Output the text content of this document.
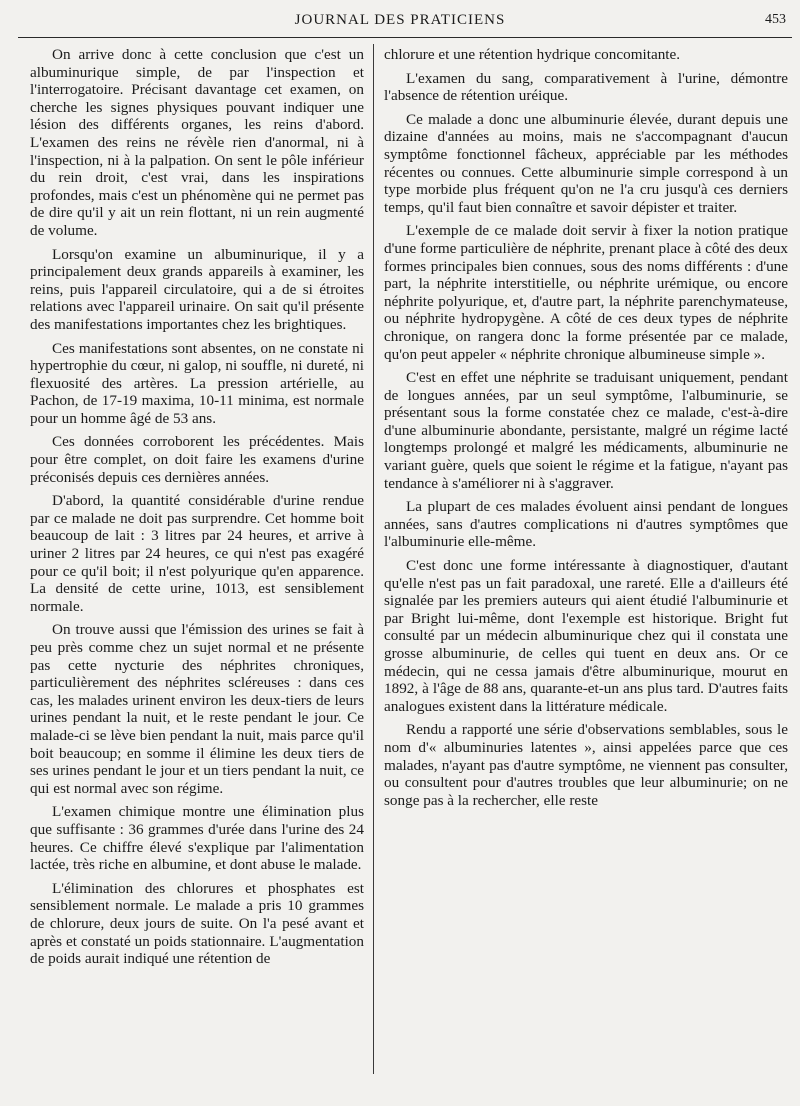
JOURNAL DES PRATICIENS	453

On arrive donc à cette conclusion que c'est un albuminurique simple, de par l'inspection et l'interrogatoire. Précisant davantage cet examen, on cherche les signes physiques pouvant indiquer une lésion des différents organes, les reins d'abord. L'examen des reins ne révèle rien d'anormal, ni à l'inspection, ni à la palpation. On sent le pôle inférieur du rein droit, c'est vrai, dans les inspirations profondes, mais c'est un phénomène qui ne permet pas de dire qu'il y ait un rein flottant, ni un rein augmenté de volume.

Lorsqu'on examine un albuminurique, il y a principalement deux grands appareils à examiner, les reins, puis l'appareil circulatoire, qui a de si étroites relations avec l'appareil urinaire. On sait qu'il présente des manifestations importantes chez les brightiques.

Ces manifestations sont absentes, on ne constate ni hypertrophie du cœur, ni galop, ni souffle, ni dureté, ni flexuosité des artères. La pression artérielle, au Pachon, de 17-19 maxima, 10-11 minima, est normale pour un homme âgé de 53 ans.

Ces données corroborent les précédentes. Mais pour être complet, on doit faire les examens d'urine préconisés depuis ces dernières années.

D'abord, la quantité considérable d'urine rendue par ce malade ne doit pas surprendre. Cet homme boit beaucoup de lait : 3 litres par 24 heures, et arrive à uriner 2 litres par 24 heures, ce qui n'est pas exagéré pour ce qu'il boit; il n'est polyurique qu'en apparence. La densité de cette urine, 1013, est sensiblement normale.

On trouve aussi que l'émission des urines se fait à peu près comme chez un sujet normal et ne présente pas cette nycturie des néphrites chroniques, particulièrement des néphrites scléreuses : dans ces cas, les malades urinent environ les deux-tiers de leurs urines pendant la nuit, et le reste pendant le jour. Ce malade-ci se lève bien pendant la nuit, mais parce qu'il boit beaucoup; en somme il élimine les deux tiers de ses urines pendant le jour et un tiers pendant la nuit, ce qui est normal avec son régime.

L'examen chimique montre une élimination plus que suffisante : 36 grammes d'urée dans l'urine des 24 heures. Ce chiffre élevé s'explique par l'alimentation lactée, très riche en albumine, et dont abuse le malade.

L'élimination des chlorures et phosphates est sensiblement normale. Le malade a pris 10 grammes de chlorure, deux jours de suite. On l'a pesé avant et après et constaté un poids stationnaire. L'augmentation de poids aurait indiqué une rétention de

chlorure et une rétention hydrique concomitante.

L'examen du sang, comparativement à l'urine, démontre l'absence de rétention uréique.

Ce malade a donc une albuminurie élevée, durant depuis une dizaine d'années au moins, mais ne s'accompagnant d'aucun symptôme fonctionnel fâcheux, appréciable par les méthodes récentes ou connues. Cette albuminurie simple correspond à un type morbide plus fréquent qu'on ne l'a cru jusqu'à ces derniers temps, qu'il faut bien connaître et savoir dépister et traiter.

L'exemple de ce malade doit servir à fixer la notion pratique d'une forme particulière de néphrite, prenant place à côté des deux formes principales bien connues, sous des noms différents : d'une part, la néphrite interstitielle, ou néphrite urémique, ou encore néphrite polyurique, et, d'autre part, la néphrite parenchymateuse, ou néphrite hydropygène. A côté de ces deux types de néphrite chronique, on rangera donc la forme présentée par ce malade, qu'on peut appeler « néphrite chronique albumineuse simple ».

C'est en effet une néphrite se traduisant uniquement, pendant de longues années, par un seul symptôme, l'albuminurie, se présentant sous la forme constatée chez ce malade, c'est-à-dire d'une albuminurie abondante, persistante, malgré un régime lacté longtemps prolongé et malgré les médicaments, albuminurie ne variant guère, quels que soient le régime et la fatigue, n'ayant pas tendance à s'améliorer ni à s'aggraver.

La plupart de ces malades évoluent ainsi pendant de longues années, sans d'autres complications ni d'autres symptômes que l'albuminurie elle-même.

C'est donc une forme intéressante à diagnostiquer, d'autant qu'elle n'est pas un fait paradoxal, une rareté. Elle a d'ailleurs été signalée par les premiers auteurs qui aient étudié l'albuminurie et par Bright lui-même, dont l'exemple est historique. Bright fut consulté par un médecin albuminurique chez qui il constata une grosse albuminurie, de celles qui tuent en deux ans. Or ce médecin, qui ne cessa jamais d'être albuminurique, mourut en 1892, à l'âge de 88 ans, quarante-et-un ans plus tard. D'autres faits analogues existent dans la littérature médicale.

Rendu a rapporté une série d'observations semblables, sous le nom d'« albuminuries latentes », ainsi appelées parce que ces malades, n'ayant pas d'autre symptôme, ne viennent pas consulter, ou consultent pour d'autres troubles que leur albuminurie; on ne songe pas à la rechercher, elle reste
